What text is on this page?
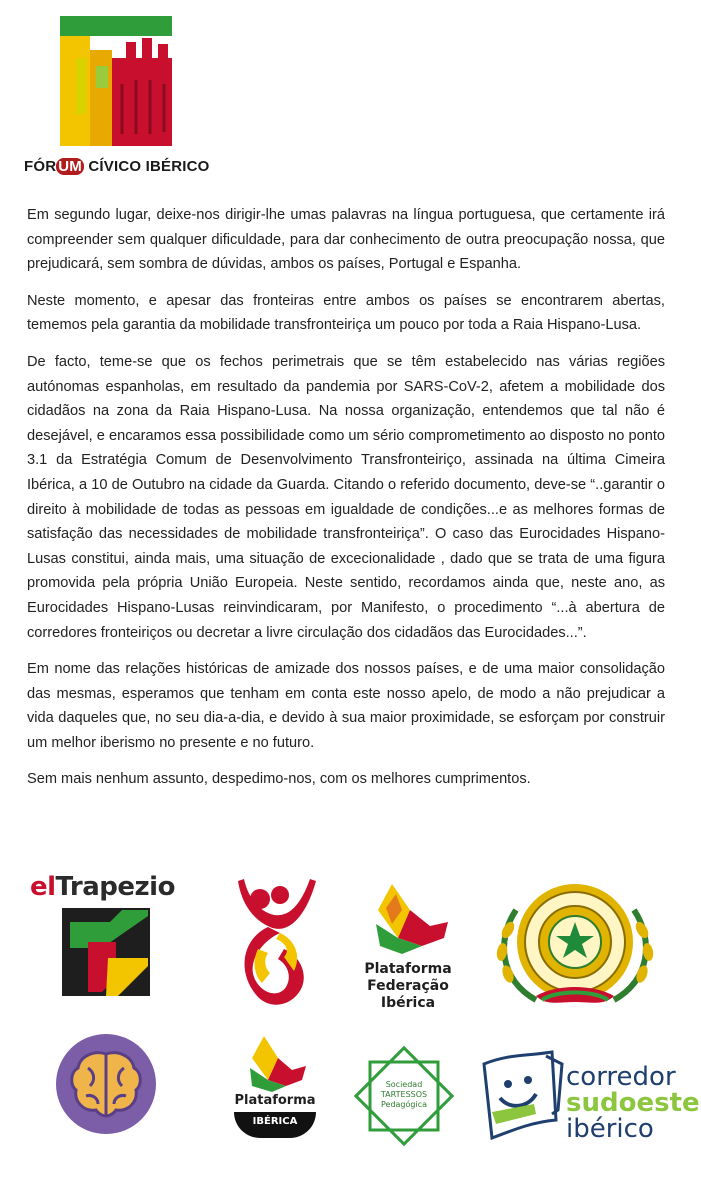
FÓR UM CÍVICO IBÉRICO

Em segundo lugar, deixe-nos dirigir-lhe umas palavras na língua portuguesa, que certamente irá compreender sem qualquer dificuldade, para dar conhecimento de outra preocupação nossa, que prejudicará, sem sombra de dúvidas, ambos os países, Portugal e Espanha.

Neste momento, e apesar das fronteiras entre ambos os países se encontrarem abertas, tememos pela garantia da mobilidade transfronteiriça um pouco por toda a Raia Hispano-Lusa.

De facto, teme-se que os fechos perimetrais que se têm estabelecido nas várias regiões autónomas espanholas, em resultado da pandemia por SARS-CoV-2, afetem a mobilidade dos cidadãos na zona da Raia Hispano-Lusa. Na nossa organização, entendemos que tal não é desejável, e encaramos essa possibilidade como um sério comprometimento ao disposto no ponto 3.1 da Estratégia Comum de Desenvolvimento Transfronteiriço, assinada na última Cimeira Ibérica, a 10 de Outubro na cidade da Guarda. Citando o referido documento, deve-se “..garantir o direito à mobilidade de todas as pessoas em igualdade de condições...e as melhores formas de satisfação das necessidades de mobilidade transfronteiriça”. O caso das Eurocidades Hispano-Lusas constitui, ainda mais, uma situação de excecionalidade , dado que se trata de uma figura promovida pela própria União Europeia. Neste sentido, recordamos ainda que, neste ano, as Eurocidades Hispano-Lusas reinvindicaram, por Manifesto, o procedimento “...à abertura de corredores fronteiriços ou decretar a livre circulação dos cidadãos das Eurocidades...”.

Em nome das relações históricas de amizade dos nossos países, e de uma maior consolidação das mesmas, esperamos que tenham em conta este nosso apelo, de modo a não prejudicar a vida daqueles que, no seu dia-a-dia, e devido à sua maior proximidade, se esforçam por construir um melhor iberismo no presente e no futuro.

Sem mais nenhum assunto, despedimo-nos, com os melhores cumprimentos.

elTrapezio
Plataforma
Federação
Ibérica
Plataforma
IBÉRICA
Sociedad
TARTESSOS
Pedagógica
corredor
sudoeste
ibérico
